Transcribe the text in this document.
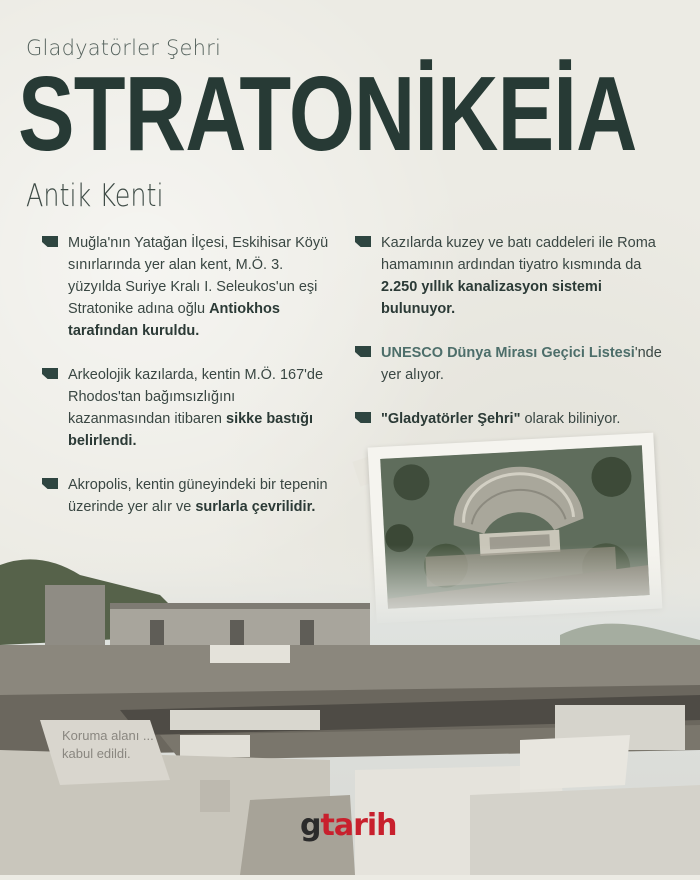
Gladyatörler Şehri
STRATONİKEİA
Antik Kenti
Muğla'nın Yatağan İlçesi, Eskihisar Köyü sınırlarında yer alan kent, M.Ö. 3. yüzyılda Suriye Kralı I. Seleukos'un eşi Stratonike adına oğlu Antiokhos tarafından kuruldu.
Arkeolojik kazılarda, kentin M.Ö. 167'de Rhodos'tan bağımsızlığını kazanmasından itibaren sikke bastığı belirlendi.
Akropolis, kentin güneyindeki bir tepenin üzerinde yer alır ve surlarla çevrilidir.
Kazılarda kuzey ve batı caddeleri ile Roma hamamının ardından tiyatro kısmında da 2.250 yıllık kanalizasyon sistemi bulunuyor.
UNESCO Dünya Mirası Geçici Listesi'nde yer alıyor.
"Gladyatörler Şehri" olarak biliniyor.
Koruma alanı ... kabul edildi.
gtarih
